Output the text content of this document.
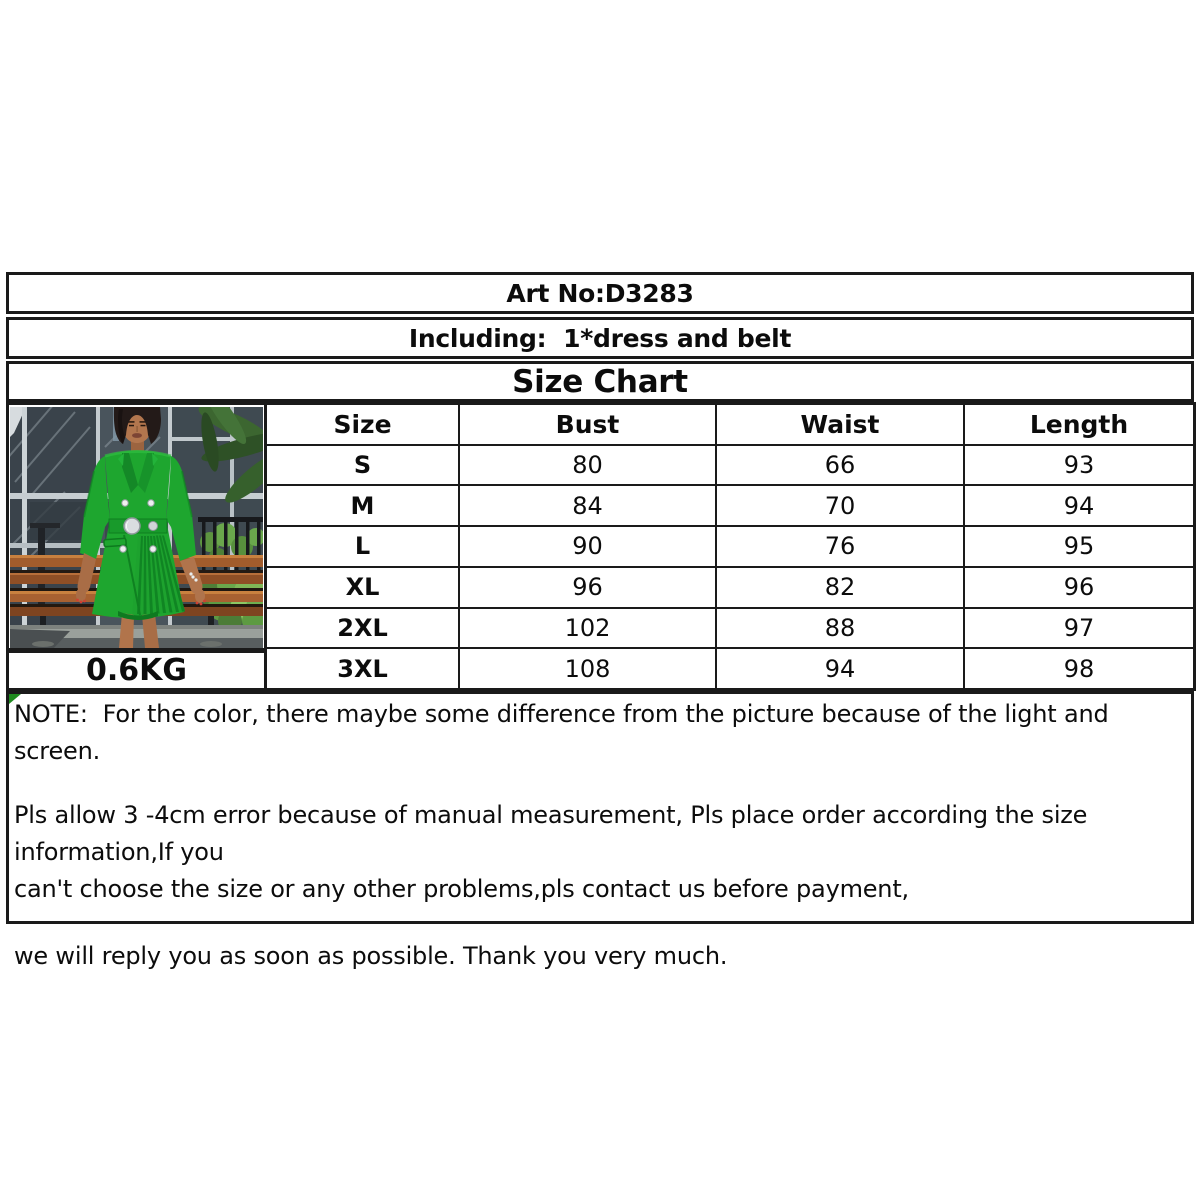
Art No:D3283
Including:  1*dress and belt
Size Chart
0.6KG
Size	Bust	Waist	Length
S	80	66	93
M	84	70	94
L	90	76	95
XL	96	82	96
2XL	102	88	97
3XL	108	94	98

NOTE:  For the color, there maybe some difference from the picture because of the light and screen.

Pls allow 3 -4cm error because of manual measurement, Pls place order according the size information,If you

can't choose the size or any other problems,pls contact us before payment,

we will reply you as soon as possible. Thank you very much.
